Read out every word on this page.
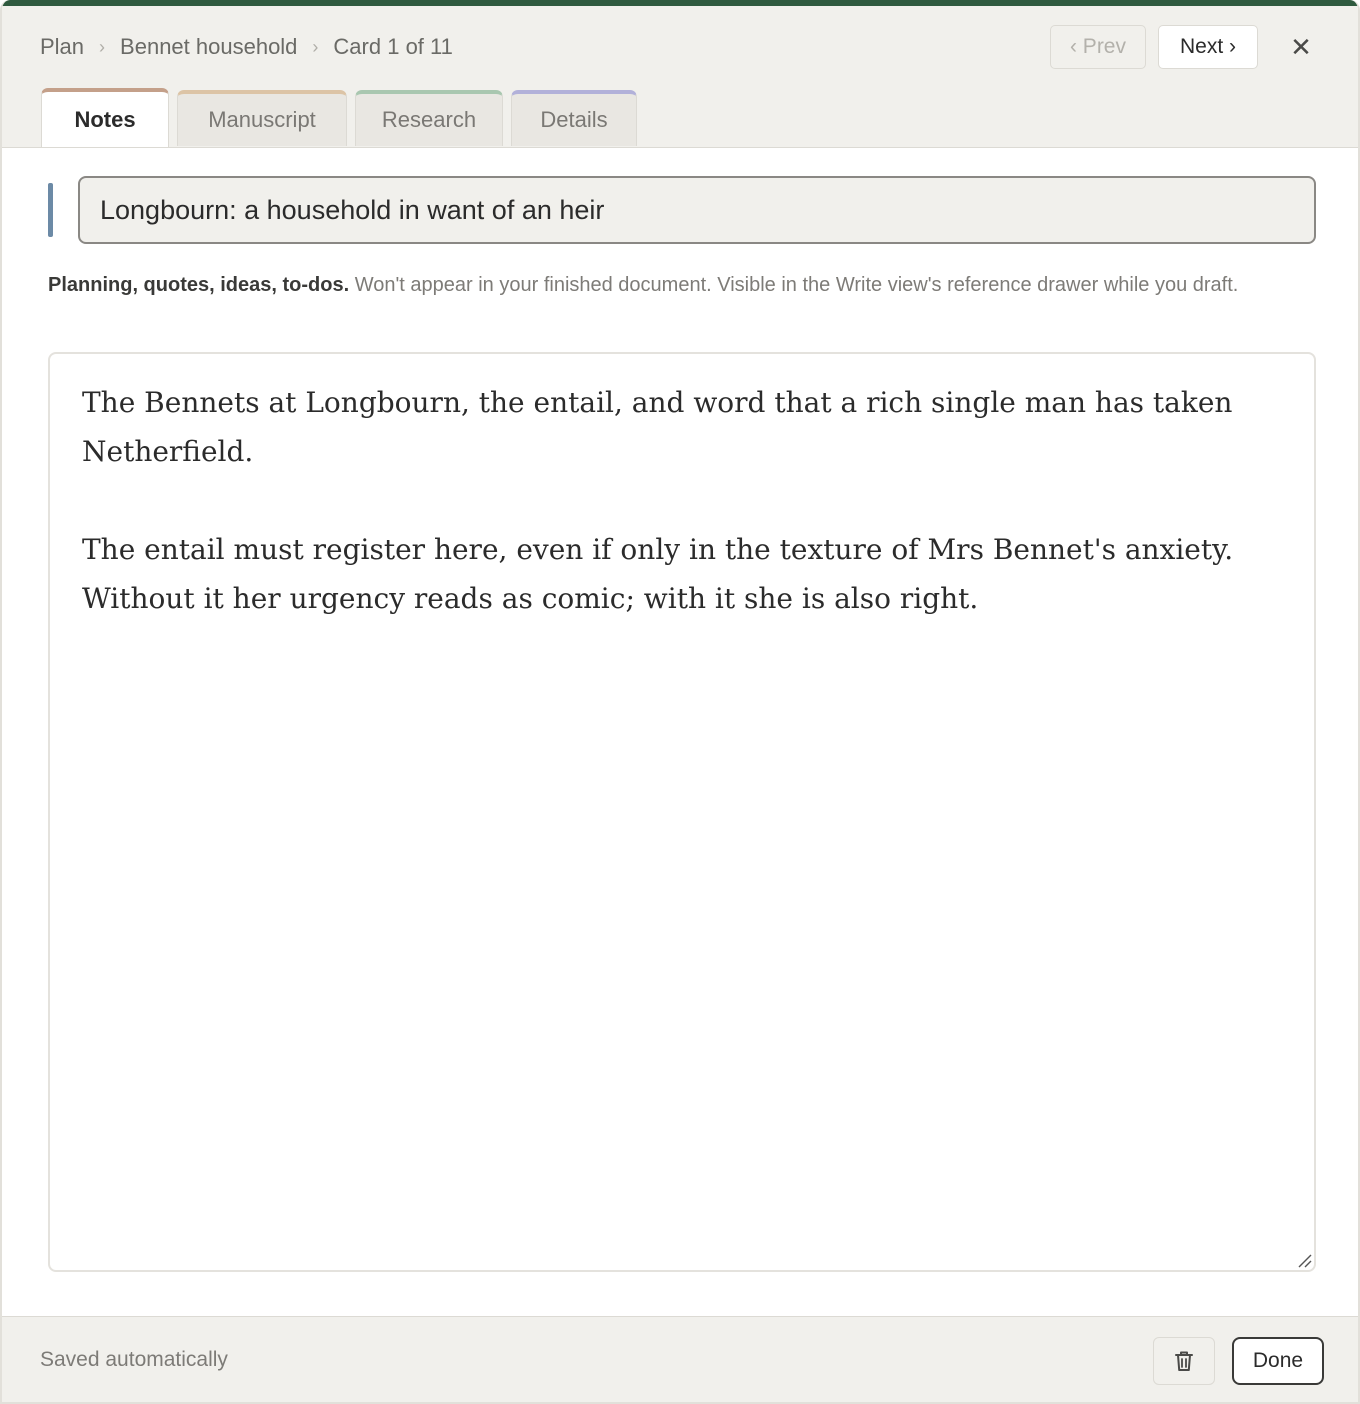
Plan › Bennet household › Card 1 of 11	‹ Prev	Next ›	✕
Notes	Manuscript	Research	Details
Longbourn: a household in want of an heir
Planning, quotes, ideas, to-dos. Won't appear in your finished document. Visible in the Write view's reference drawer while you draft.

The Bennets at Longbourn, the entail, and word that a rich single man has taken Netherfield.

The entail must register here, even if only in the texture of Mrs Bennet's anxiety. Without it her urgency reads as comic; with it she is also right.

Saved automatically	Done
